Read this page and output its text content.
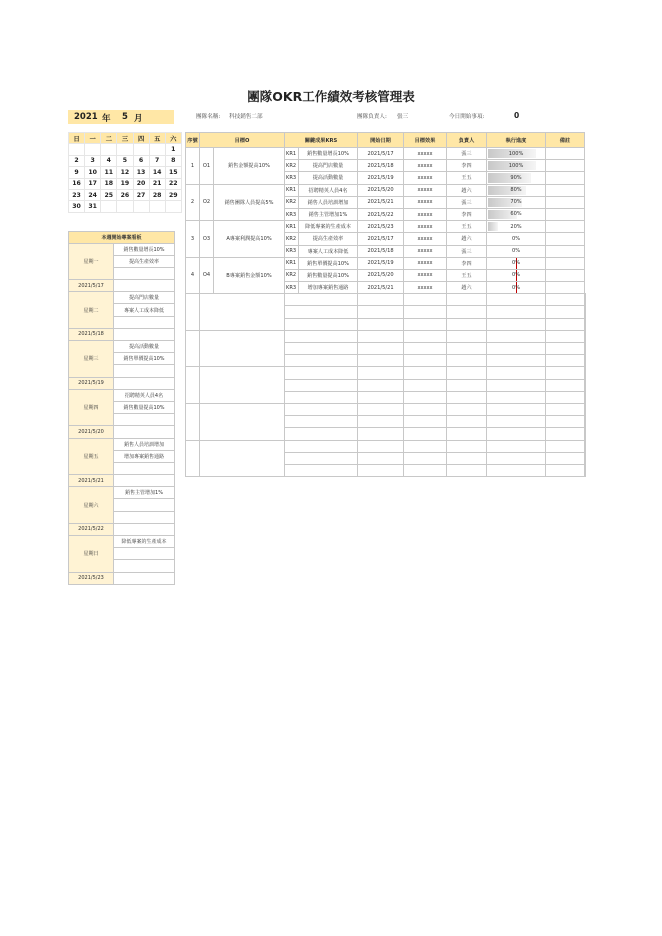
團隊OKR工作績效考核管理表
團隊名稱: 科技銷售二部	團隊負責人: 張三	今日開始事項:	0
2021 年 5 月
日	一	二	三	四	五	六
						1
2	3	4	5	6	7	8
9	10	11	12	13	14	15
16	17	18	19	20	21	22
23	24	25	26	27	28	29
30	31					
本週開始專案看板	
星期一	銷售數量增長10%
	提高生產效率

2021/5/17	
星期二	提高門店數量
	專案人工成本降低

2021/5/18	
星期三	提高活動數量
	銷售單價提高10%

2021/5/19	
星期四	招聘精英人員4名
	銷售數量提高10%

2021/5/20	
星期五	銷售人員培訓增加
	增加專案銷售通路

2021/5/21	
星期六	銷售主管增加1%

2021/5/22	
星期日	降低專案的生產成本

2021/5/23	
序號	目標O		關鍵成果KRS		開始日期	目標效果	負責人	執行進度	備註	
1	O1	銷售金額提高10%	KR1	銷售數量增長10%	2021/5/17	xxxxx	張三	100%		

			KR2	提高門店數量	2021/5/18	xxxxx	李四	100%		

			KR3	提高活動數量	2021/5/19	xxxxx	王五	90%		

2	O2	銷售團隊人員提高5%	KR1	招聘精英人員4名	2021/5/20	xxxxx	趙六	80%		

			KR2	銷售人員培訓增加	2021/5/21	xxxxx	張三	70%		

			KR3	銷售主管增加1%	2021/5/22	xxxxx	李四	60%		

3	O3	A專案利潤提高10%	KR1	降低專案的生產成本	2021/5/23	xxxxx	王五	20%		

			KR2	提高生產效率	2021/5/17	xxxxx	趙六	0%		

			KR3	專案人工成本降低	2021/5/18	xxxxx	張三	0%		

4	O4	B專案銷售金額10%	KR1	銷售單價提高10%	2021/5/19	xxxxx	李四	0%		

			KR2	銷售數量提高10%	2021/5/20	xxxxx	王五	0%		

			KR3	增加專案銷售通路	2021/5/21	xxxxx	趙六	0%		
